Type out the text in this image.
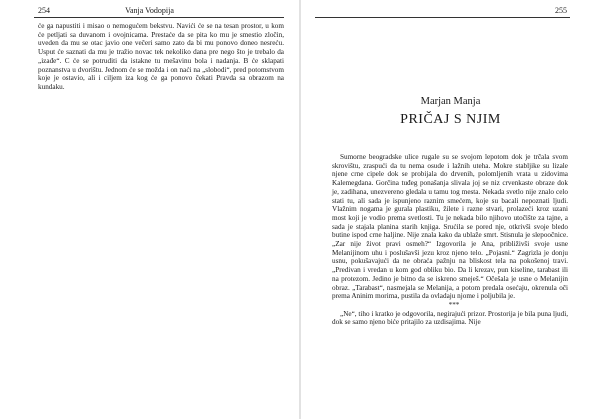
254	Vanja Vodopija

će ga napustiti i misao o nemogućem bekstvu. Navići će se na tesan prostor, u kom će petljati sa duvanom i ovojnicama. Prestaće da se pita ko mu je smestio zločin, uveden da mu se otac javio one večeri samo zato da bi mu ponovo doneo nesreću. Usput će saznati da mu je tražio novac tek nekoliko dana pre nego što je trebalo da „izađe“. C će se potruditi da istakne tu mešavinu bola i nadanja. B će sklapati poznanstva u dvorištu. Jednom će se možda i on naći na „slobodi“, pred potomstvom koje je ostavio, ali i ciljem iza kog će ga ponovo čekati Pravda sa obrazom na kundaku.

255
Marjan Manja
PRIČAJ S NJIM

Sumorne beogradske ulice rugale su se svojom lepotom dok je trčala svom skrovištu, zraspući da tu nema osude i lažnih uteha. Mokre stabljike su lizale njene crne cipele dok se probijala do drvenih, polomljenih vrata u zidovima Kalemegdana. Gorčina tuđeg ponašanja slivala joj se niz crvenkaste obraze dok je, zadihana, unezvereno gledala u tamu tog mesta. Nekada svetlo nije znalo celo stati tu, ali sada je ispunjeno raznim smećem, koje su bacali nepoznati ljudi. Vlažnim nogama je gurala plastiku, žilete i razne stvari, prolazeći kroz uzani most koji je vodio prema svetlosti. Tu je nekada bilo njihovo utočište za tajne, a sada je stajala planina starih knjiga. Srućila se pored nje, otkrivši svoje bledo butine ispod crne haljine. Nije znala kako da ublaže smrt. Stisnula je slepoočnice. „Zar nije život pravi osmeh?“ Izgovorila je Ana, približivši svoje usne Melanijinom uhu i poslušavši jezu kroz njeno telo. „Pojasni.“ Zagrizla je donju usnu, pokušavajući da ne obraća pažnju na bliskost tela na pokošenoj travi. „Predivan i vredan u kom god obliku bio. Da li krezav, pun kiseline, tarabast ili na protezom. Jedino je bitno da se iskreno smeješ.“ Očešala je usne o Melanijin obraz. „Tarabast“, nasmejala se Melanija, a potom predala osećaju, okrenula oči prema Aninim morima, pustila da ovladaju njome i poljubila je.

***

„Ne“, tiho i kratko je odgovorila, negirajući prizor. Prostorija je bila puna ljudi, dok se samo njeno biće pritajilo za uzdisajima. Nije
